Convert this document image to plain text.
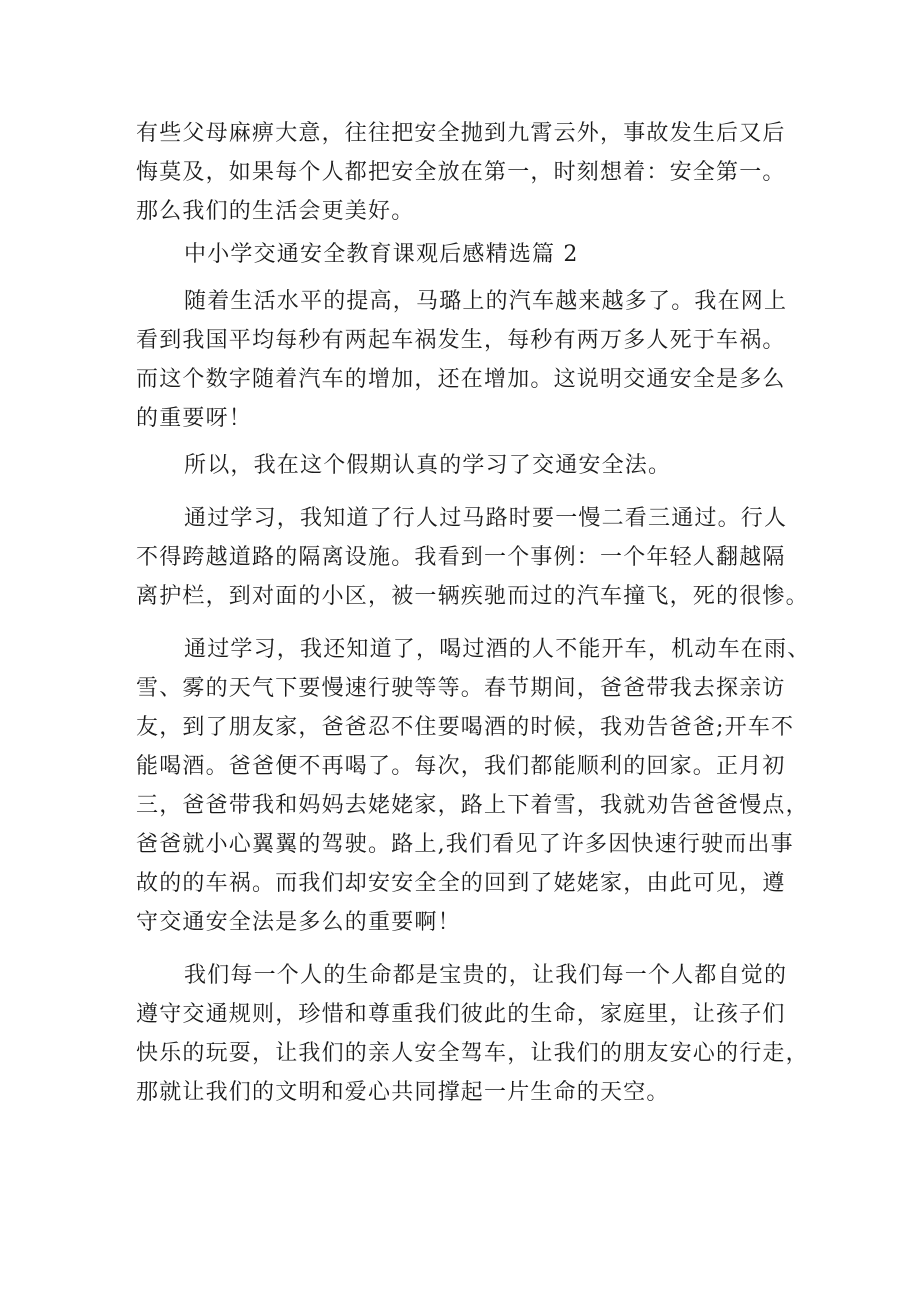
有些父母麻痹大意，往往把安全抛到九霄云外，事故发生后又后
悔莫及，如果每个人都把安全放在第一，时刻想着：安全第一。
那么我们的生活会更美好。

中小学交通安全教育课观后感精选篇 2

随着生活水平的提高，马璐上的汽车越来越多了。我在网上
看到我国平均每秒有两起车祸发生，每秒有两万多人死于车祸。
而这个数字随着汽车的增加，还在增加。这说明交通安全是多么
的重要呀！

所以，我在这个假期认真的学习了交通安全法。

通过学习，我知道了行人过马路时要一慢二看三通过。行人
不得跨越道路的隔离设施。我看到一个事例：一个年轻人翻越隔
离护栏，到对面的小区，被一辆疾驰而过的汽车撞飞，死的很惨。

通过学习，我还知道了，喝过酒的人不能开车，机动车在雨、
雪、雾的天气下要慢速行驶等等。春节期间，爸爸带我去探亲访
友，到了朋友家，爸爸忍不住要喝酒的时候，我劝告爸爸;开车不
能喝酒。爸爸便不再喝了。每次，我们都能顺利的回家。正月初
三，爸爸带我和妈妈去姥姥家，路上下着雪，我就劝告爸爸慢点，
爸爸就小心翼翼的驾驶。路上,我们看见了许多因快速行驶而出事
故的的车祸。而我们却安安全全的回到了姥姥家，由此可见，遵
守交通安全法是多么的重要啊！

我们每一个人的生命都是宝贵的，让我们每一个人都自觉的
遵守交通规则，珍惜和尊重我们彼此的生命，家庭里，让孩子们
快乐的玩耍，让我们的亲人安全驾车，让我们的朋友安心的行走，
那就让我们的文明和爱心共同撑起一片生命的天空。
